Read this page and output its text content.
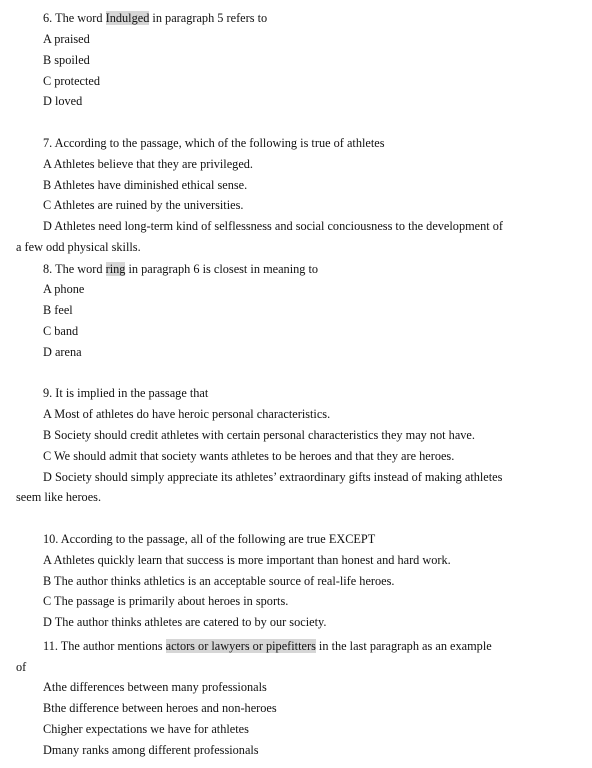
6. The word Indulged in paragraph 5 refers to
A praised
B spoiled
C protected
D loved
7. According to the passage, which of the following is true of athletes
A Athletes believe that they are privileged.
B Athletes have diminished ethical sense.
C Athletes are ruined by the universities.
D Athletes need long-term kind of selflessness and social conciousness to the development of
a few odd physical skills.
8. The word ring in paragraph 6 is closest in meaning to
A phone
B feel
C band
D arena
9. It is implied in the passage that
A Most of athletes do have heroic personal characteristics.
B Society should credit athletes with certain personal characteristics they may not have.
C We should admit that society wants athletes to be heroes and that they are heroes.
D Society should simply appreciate its athletes’ extraordinary gifts instead of making athletes
seem like heroes.
10. According to the passage, all of the following are true EXCEPT
A Athletes quickly learn that success is more important than honest and hard work.
B The author thinks athletics is an acceptable source of real-life heroes.
C The passage is primarily about heroes in sports.
D The author thinks athletes are catered to by our society.
11. The author mentions actors or lawyers or pipefitters in the last paragraph as an example
of
Athe differences between many professionals
Bthe difference between heroes and non-heroes
Chigher expectations we have for athletes
Dmany ranks among different professionals
